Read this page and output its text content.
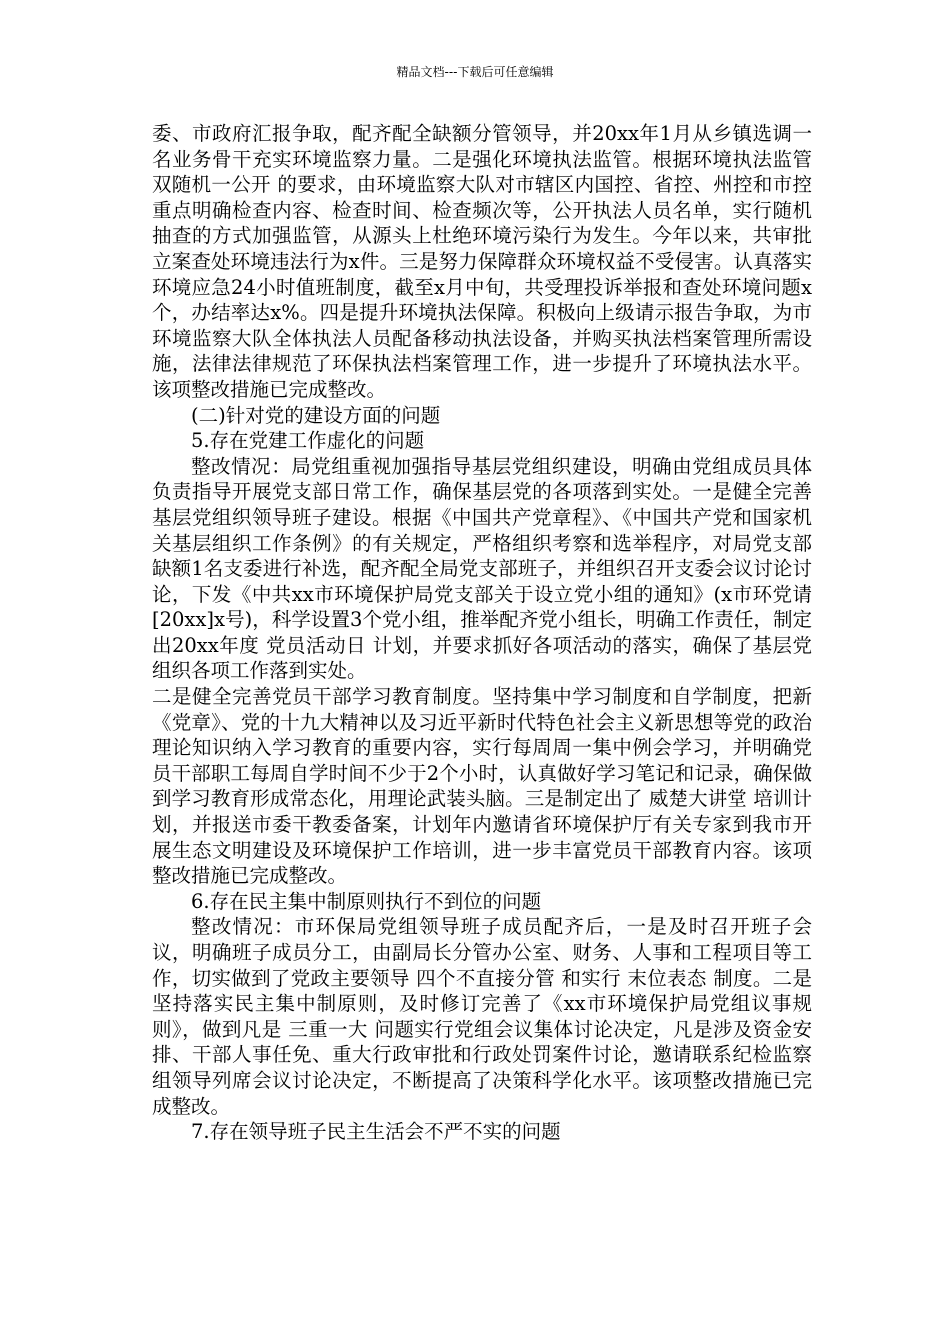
精品文档---下载后可任意编辑

委、市政府汇报争取，配齐配全缺额分管领导，并20xx年1月从乡镇选调一名业务骨干充实环境监察力量。二是强化环境执法监管。根据环境执法监管 双随机一公开 的要求，由环境监察大队对市辖区内国控、省控、州控和市控重点明确检查内容、检查时间、检查频次等，公开执法人员名单，实行随机抽查的方式加强监管，从源头上杜绝环境污染行为发生。今年以来，共审批立案查处环境违法行为x件。三是努力保障群众环境权益不受侵害。认真落实环境应急24小时值班制度，截至x月中旬，共受理投诉举报和查处环境问题x个，办结率达x%。四是提升环境执法保障。积极向上级请示报告争取，为市环境监察大队全体执法人员配备移动执法设备，并购买执法档案管理所需设施，法律法律规范了环保执法档案管理工作，进一步提升了环境执法水平。该项整改措施已完成整改。

(二)针对党的建设方面的问题

5.存在党建工作虚化的问题

整改情况：局党组重视加强指导基层党组织建设，明确由党组成员具体负责指导开展党支部日常工作，确保基层党的各项落到实处。一是健全完善基层党组织领导班子建设。根据《中国共产党章程》、《中国共产党和国家机关基层组织工作条例》的有关规定，严格组织考察和选举程序，对局党支部缺额1名支委进行补选，配齐配全局党支部班子，并组织召开支委会议讨论讨论，下发《中共xx市环境保护局党支部关于设立党小组的通知》(x市环党请[20xx]x号)，科学设置3个党小组，推举配齐党小组长，明确工作责任，制定出20xx年度 党员活动日 计划，并要求抓好各项活动的落实，确保了基层党组织各项工作落到实处。

二是健全完善党员干部学习教育制度。坚持集中学习制度和自学制度，把新《党章》、党的十九大精神以及习近平新时代特色社会主义新思想等党的政治理论知识纳入学习教育的重要内容，实行每周周一集中例会学习，并明确党员干部职工每周自学时间不少于2个小时，认真做好学习笔记和记录，确保做到学习教育形成常态化，用理论武装头脑。三是制定出了 威楚大讲堂 培训计划，并报送市委干教委备案，计划年内邀请省环境保护厅有关专家到我市开展生态文明建设及环境保护工作培训，进一步丰富党员干部教育内容。该项整改措施已完成整改。

6.存在民主集中制原则执行不到位的问题

整改情况：市环保局党组领导班子成员配齐后，一是及时召开班子会议，明确班子成员分工，由副局长分管办公室、财务、人事和工程项目等工作，切实做到了党政主要领导 四个不直接分管 和实行 末位表态 制度。二是坚持落实民主集中制原则，及时修订完善了《xx市环境保护局党组议事规则》，做到凡是 三重一大 问题实行党组会议集体讨论决定，凡是涉及资金安排、干部人事任免、重大行政审批和行政处罚案件讨论，邀请联系纪检监察组领导列席会议讨论决定，不断提高了决策科学化水平。该项整改措施已完成整改。

7.存在领导班子民主生活会不严不实的问题
